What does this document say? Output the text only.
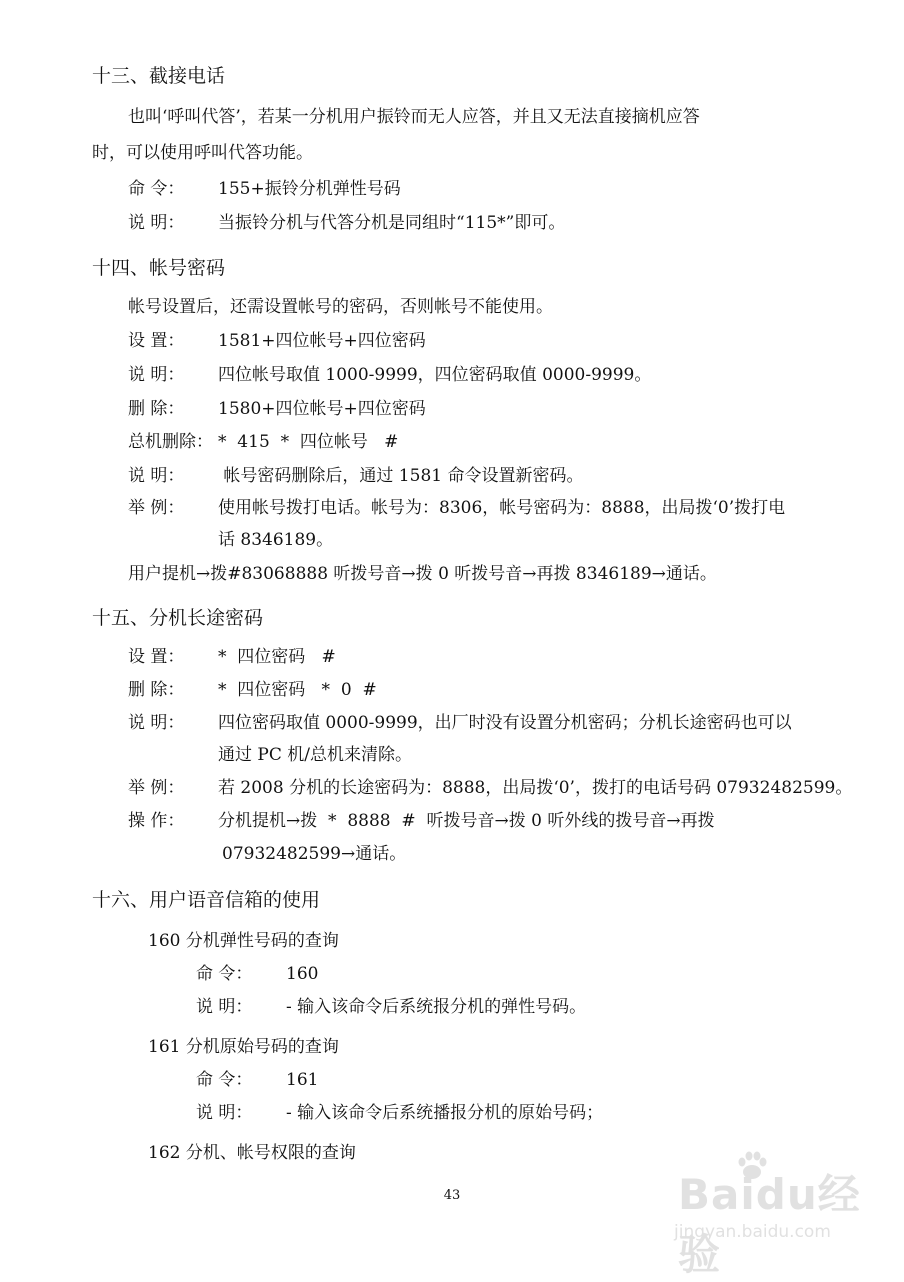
十三、截接电话
也叫‘呼叫代答’，若某一分机用户振铃而无人应答，并且又无法直接摘机应答
时，可以使用呼叫代答功能。
命 令： 155+振铃分机弹性号码
说 明： 当振铃分机与代答分机是同组时“115*”即可。
十四、帐号密码
帐号设置后，还需设置帐号的密码，否则帐号不能使用。
设 置： 1581+四位帐号+四位密码
说 明： 四位帐号取值 1000-9999，四位密码取值 0000-9999。
删 除： 1580+四位帐号+四位密码
总机删除： *  415  *  四位帐号   #
说 明： 帐号密码删除后，通过 1581 命令设置新密码。
举 例： 使用帐号拨打电话。帐号为：8306，帐号密码为：8888，出局拨‘0’拨打电
话 8346189。
用户提机→拨#83068888 听拨号音→拨 0 听拨号音→再拨 8346189→通话。
十五、分机长途密码
设 置： *  四位密码   #
删 除： *  四位密码   *  0  #
说 明： 四位密码取值 0000-9999，出厂时没有设置分机密码；分机长途密码也可以
通过 PC 机/总机来清除。
举 例： 若 2008 分机的长途密码为：8888，出局拨‘0’，拨打的电话号码 07932482599。
操 作： 分机提机→拨  *  8888  #  听拨号音→拨 0 听外线的拨号音→再拨
07932482599→通话。
十六、用户语音信箱的使用
160 分机弹性号码的查询
命 令： 160
说 明： - 输入该命令后系统报分机的弹性号码。
161 分机原始号码的查询
命 令： 161
说 明： - 输入该命令后系统播报分机的原始号码；
162 分机、帐号权限的查询
43	Baidu经验
jingyan.baidu.com
